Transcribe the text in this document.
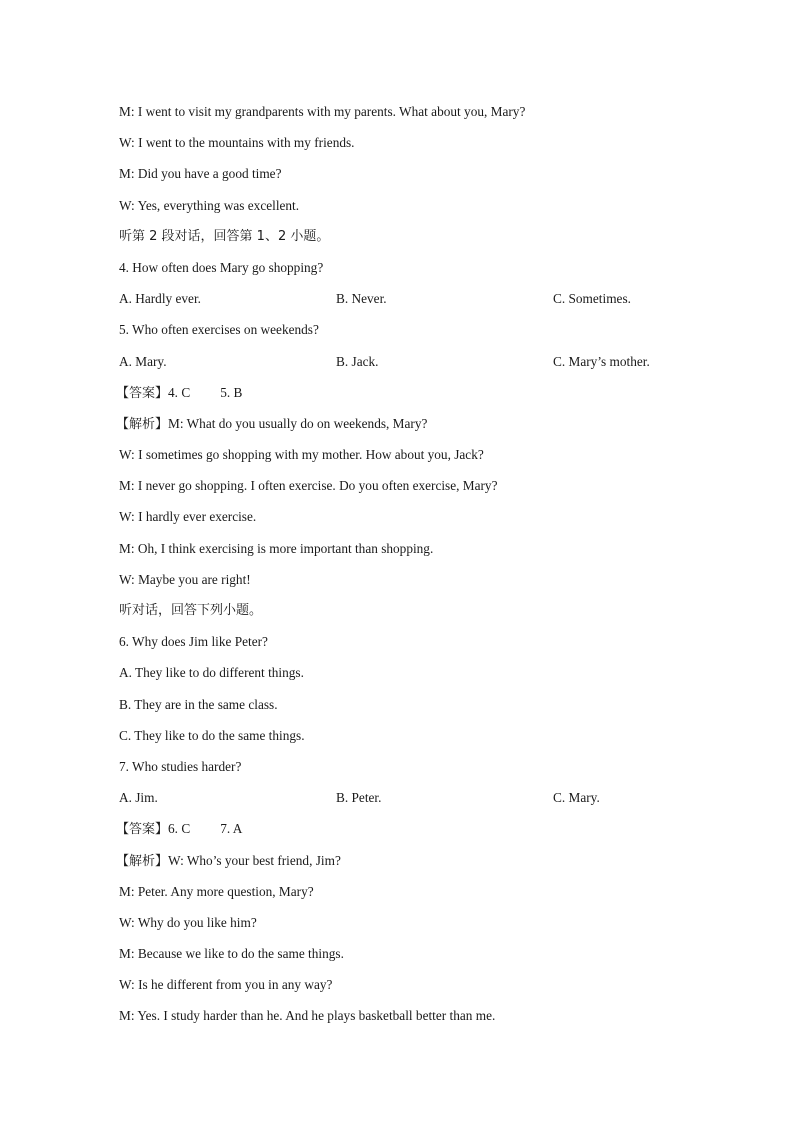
M: I went to visit my grandparents with my parents. What about you, Mary?
W: I went to the mountains with my friends.
M: Did you have a good time?
W: Yes, everything was excellent.
听第 2 段对话，回答第 1、2 小题。
4. How often does Mary go shopping?
A. Hardly ever.	B. Never.	C. Sometimes.
5. Who often exercises on weekends?
A. Mary.	B. Jack.	C. Mary’s mother.
【答案】4. C 5. B
【解析】M: What do you usually do on weekends, Mary?
W: I sometimes go shopping with my mother. How about you, Jack?
M: I never go shopping. I often exercise. Do you often exercise, Mary?
W: I hardly ever exercise.
M: Oh, I think exercising is more important than shopping.
W: Maybe you are right!
听对话，回答下列小题。
6. Why does Jim like Peter?
A. They like to do different things.
B. They are in the same class.
C. They like to do the same things.
7. Who studies harder?
A. Jim.	B. Peter.	C. Mary.
【答案】6. C 7. A
【解析】W: Who’s your best friend, Jim?
M: Peter. Any more question, Mary?
W: Why do you like him?
M: Because we like to do the same things.
W: Is he different from you in any way?
M: Yes. I study harder than he. And he plays basketball better than me.
